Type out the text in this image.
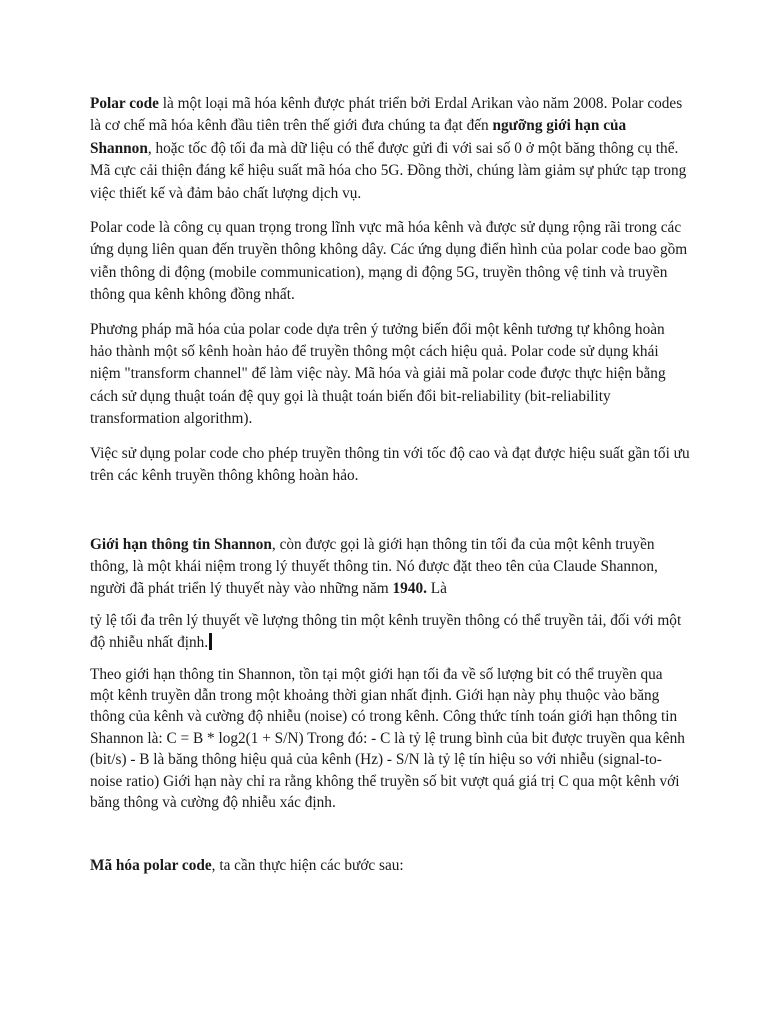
Polar code là một loại mã hóa kênh được phát triển bởi Erdal Arikan vào năm 2008. Polar codes là cơ chế mã hóa kênh đầu tiên trên thế giới đưa chúng ta đạt đến ngưỡng giới hạn của Shannon, hoặc tốc độ tối đa mà dữ liệu có thể được gửi đi với sai số 0 ở một băng thông cụ thể. Mã cực cải thiện đáng kể hiệu suất mã hóa cho 5G. Đồng thời, chúng làm giảm sự phức tạp trong việc thiết kế và đảm bảo chất lượng dịch vụ.

Polar code là công cụ quan trọng trong lĩnh vực mã hóa kênh và được sử dụng rộng rãi trong các ứng dụng liên quan đến truyền thông không dây. Các ứng dụng điển hình của polar code bao gồm viễn thông di động (mobile communication), mạng di động 5G, truyền thông vệ tinh và truyền thông qua kênh không đồng nhất.

Phương pháp mã hóa của polar code dựa trên ý tưởng biến đổi một kênh tương tự không hoàn hảo thành một số kênh hoàn hảo để truyền thông một cách hiệu quả. Polar code sử dụng khái niệm "transform channel" để làm việc này. Mã hóa và giải mã polar code được thực hiện bằng cách sử dụng thuật toán đệ quy gọi là thuật toán biến đổi bit-reliability (bit-reliability transformation algorithm).

Việc sử dụng polar code cho phép truyền thông tin với tốc độ cao và đạt được hiệu suất gần tối ưu trên các kênh truyền thông không hoàn hảo.

Giới hạn thông tin Shannon, còn được gọi là giới hạn thông tin tối đa của một kênh truyền thông, là một khái niệm trong lý thuyết thông tin. Nó được đặt theo tên của Claude Shannon, người đã phát triển lý thuyết này vào những năm 1940. Là

tỷ lệ tối đa trên lý thuyết về lượng thông tin một kênh truyền thông có thể truyền tải, đối với một độ nhiễu nhất định.

Theo giới hạn thông tin Shannon, tồn tại một giới hạn tối đa về số lượng bit có thể truyền qua một kênh truyền dẫn trong một khoảng thời gian nhất định. Giới hạn này phụ thuộc vào băng thông của kênh và cường độ nhiễu (noise) có trong kênh. Công thức tính toán giới hạn thông tin Shannon là: C = B * log2(1 + S/N) Trong đó: - C là tỷ lệ trung bình của bit được truyền qua kênh (bit/s) - B là băng thông hiệu quả của kênh (Hz) - S/N là tỷ lệ tín hiệu so với nhiễu (signal-to-noise ratio) Giới hạn này chỉ ra rằng không thể truyền số bit vượt quá giá trị C qua một kênh với băng thông và cường độ nhiễu xác định.

Mã hóa polar code, ta cần thực hiện các bước sau:
